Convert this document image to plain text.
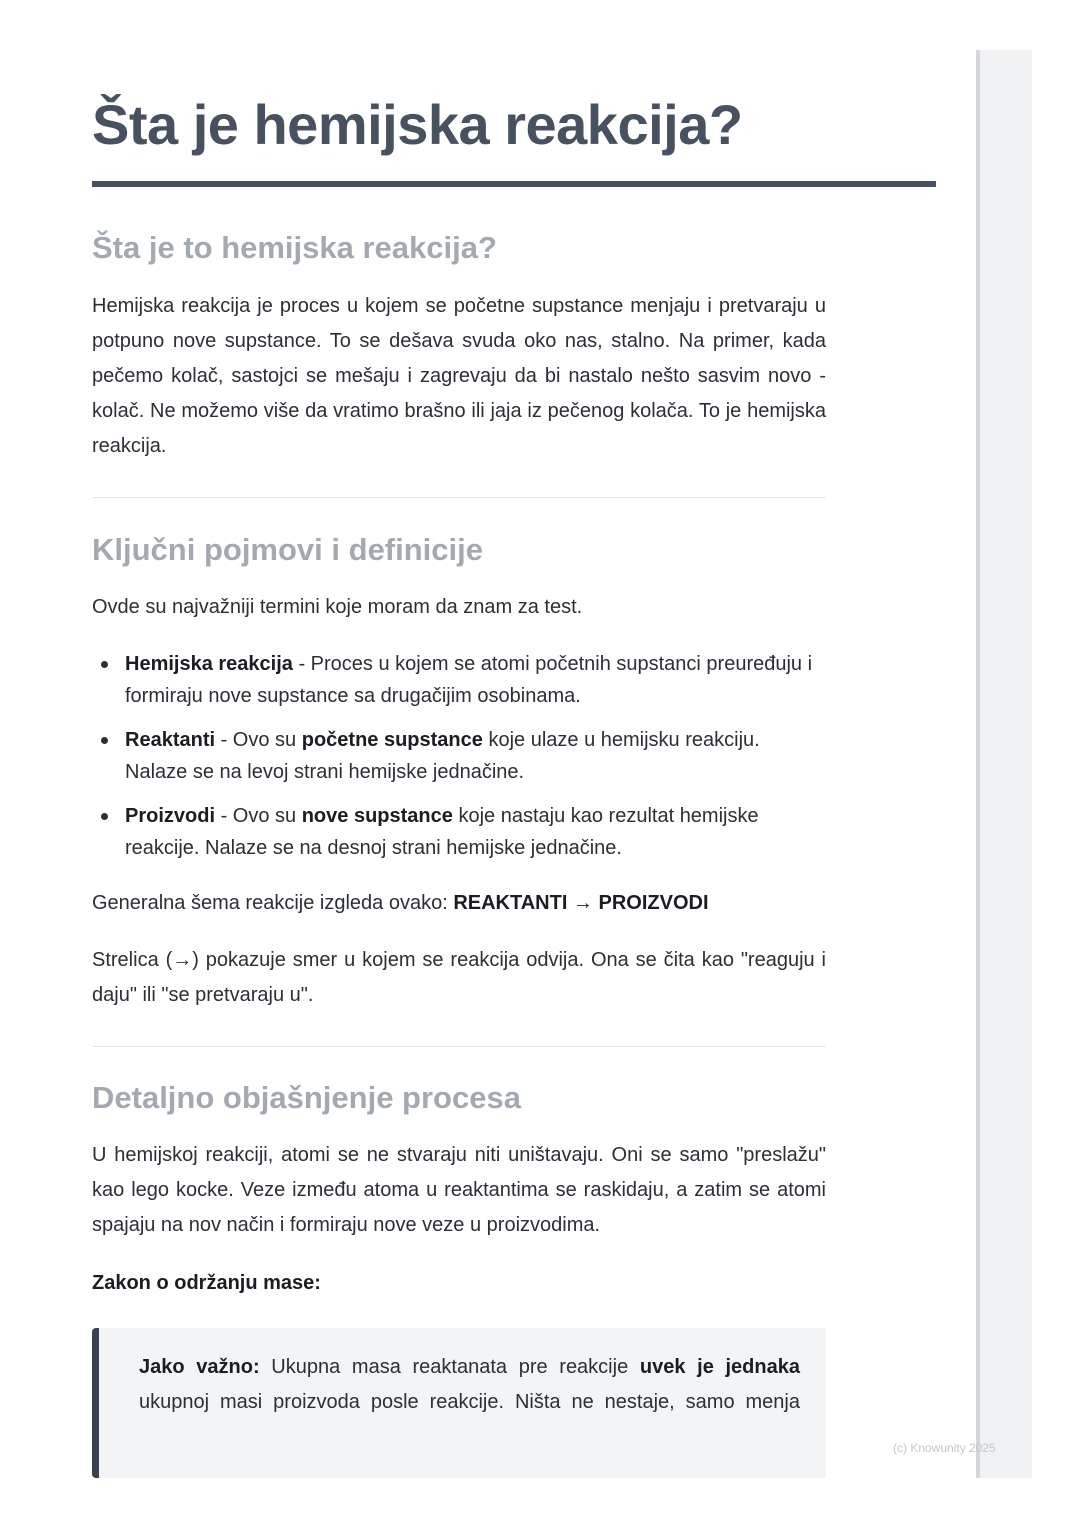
Šta je hemijska reakcija?
Šta je to hemijska reakcija?

Hemijska reakcija je proces u kojem se početne supstance menjaju i pretvaraju u potpuno nove supstance. To se dešava svuda oko nas, stalno. Na primer, kada pečemo kolač, sastojci se mešaju i zagrevaju da bi nastalo nešto sasvim novo - kolač. Ne možemo više da vratimo brašno ili jaja iz pečenog kolača. To je hemijska reakcija.

Ključni pojmovi i definicije

Ovde su najvažniji termini koje moram da znam za test.

Hemijska reakcija - Proces u kojem se atomi početnih supstanci preuređuju i formiraju nove supstance sa drugačijim osobinama.
Reaktanti - Ovo su početne supstance koje ulaze u hemijsku reakciju. Nalaze se na levoj strani hemijske jednačine.
Proizvodi - Ovo su nove supstance koje nastaju kao rezultat hemijske reakcije. Nalaze se na desnoj strani hemijske jednačine.

Generalna šema reakcije izgleda ovako: REAKTANTI → PROIZVODI

Strelica (→) pokazuje smer u kojem se reakcija odvija. Ona se čita kao "reaguju i daju" ili "se pretvaraju u".

Detaljno objašnjenje procesa

U hemijskoj reakciji, atomi se ne stvaraju niti uništavaju. Oni se samo "preslažu" kao lego kocke. Veze između atoma u reaktantima se raskidaju, a zatim se atomi spajaju na nov način i formiraju nove veze u proizvodima.

Zakon o održanju mase:

Jako važno: Ukupna masa reaktanata pre reakcije uvek je jednaka ukupnoj masi proizvoda posle reakcije. Ništa ne nestaje, samo menja

(c) Knowunity 2025
